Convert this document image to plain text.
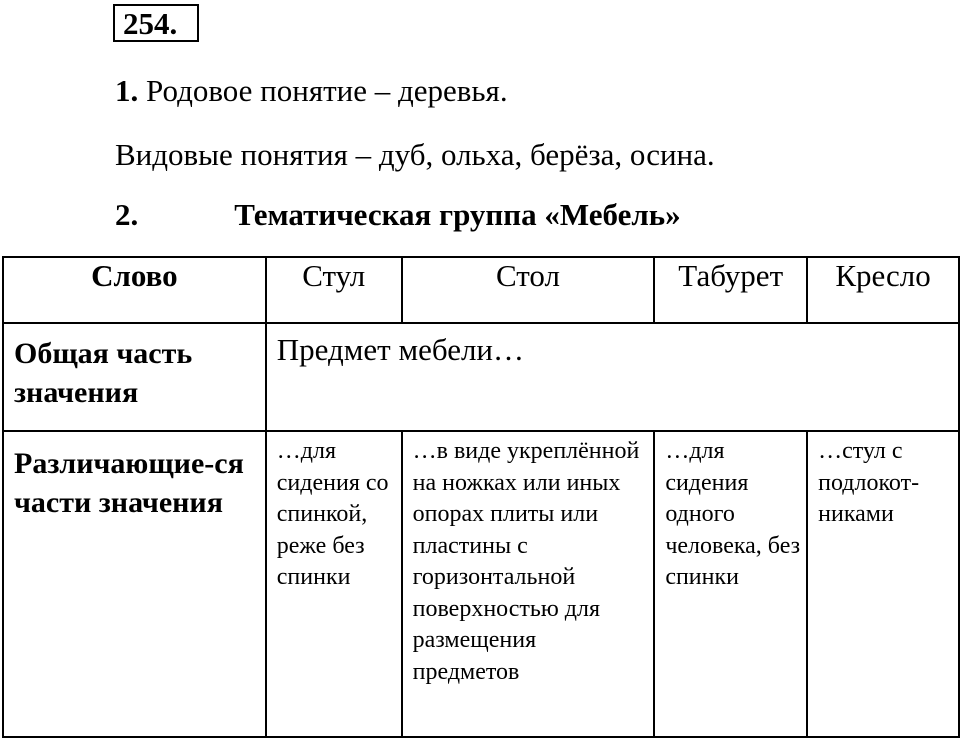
254.
1. Родовое понятие – деревья.
Видовые понятия – дуб, ольха, берёза, осина.
2.	Тематическая группа «Мебель»
Слово	Стул	Стол	Табурет	Кресло
Общая часть значения	Предмет мебели…			
Различающие-ся части значения	…для сидения со спинкой, реже без спинки	…в виде укреплённой на ножках или иных опорах плиты или пластины с горизонтальной поверхностью для размещения предметов	…для сидения одного человека, без спинки	…стул с подлокот-никами
